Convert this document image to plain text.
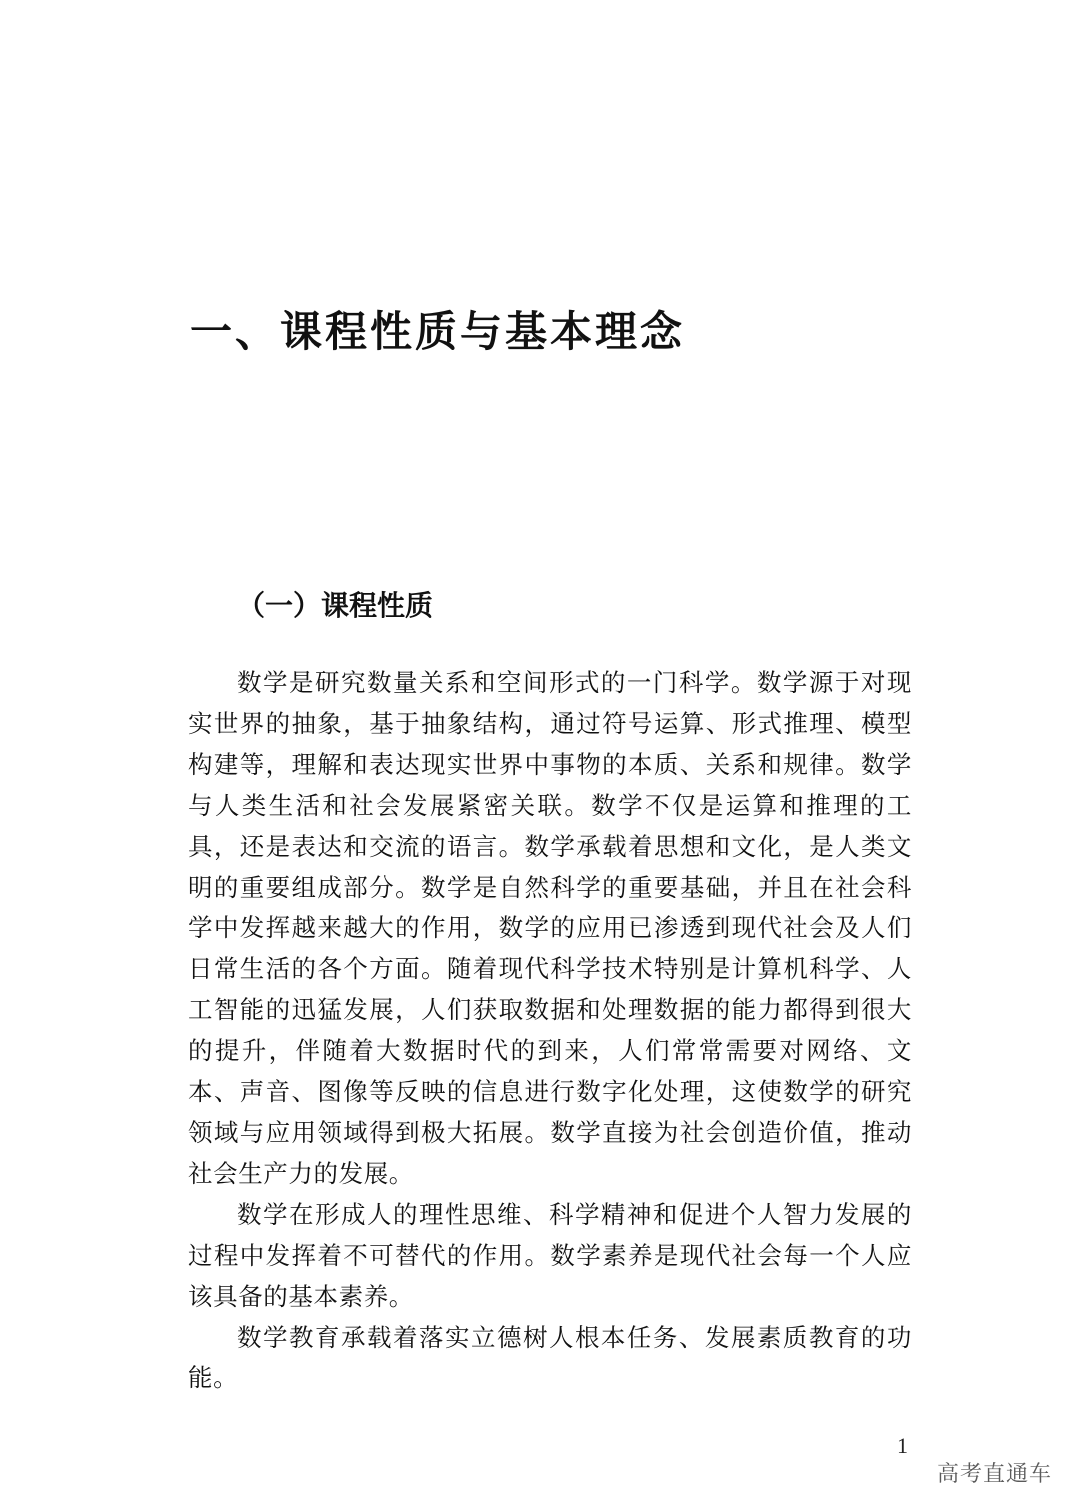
一、课程性质与基本理念
（一）课程性质

数学是研究数量关系和空间形式的一门科学。数学源于对现实世界的抽象，基于抽象结构，通过符号运算、形式推理、模型构建等，理解和表达现实世界中事物的本质、关系和规律。数学与人类生活和社会发展紧密关联。数学不仅是运算和推理的工具，还是表达和交流的语言。数学承载着思想和文化，是人类文明的重要组成部分。数学是自然科学的重要基础，并且在社会科学中发挥越来越大的作用，数学的应用已渗透到现代社会及人们日常生活的各个方面。随着现代科学技术特别是计算机科学、人工智能的迅猛发展，人们获取数据和处理数据的能力都得到很大的提升，伴随着大数据时代的到来，人们常常需要对网络、文本、声音、图像等反映的信息进行数字化处理，这使数学的研究领域与应用领域得到极大拓展。数学直接为社会创造价值，推动社会生产力的发展。

数学在形成人的理性思维、科学精神和促进个人智力发展的过程中发挥着不可替代的作用。数学素养是现代社会每一个人应该具备的基本素养。

数学教育承载着落实立德树人根本任务、发展素质教育的功能。

1
高考直通车
